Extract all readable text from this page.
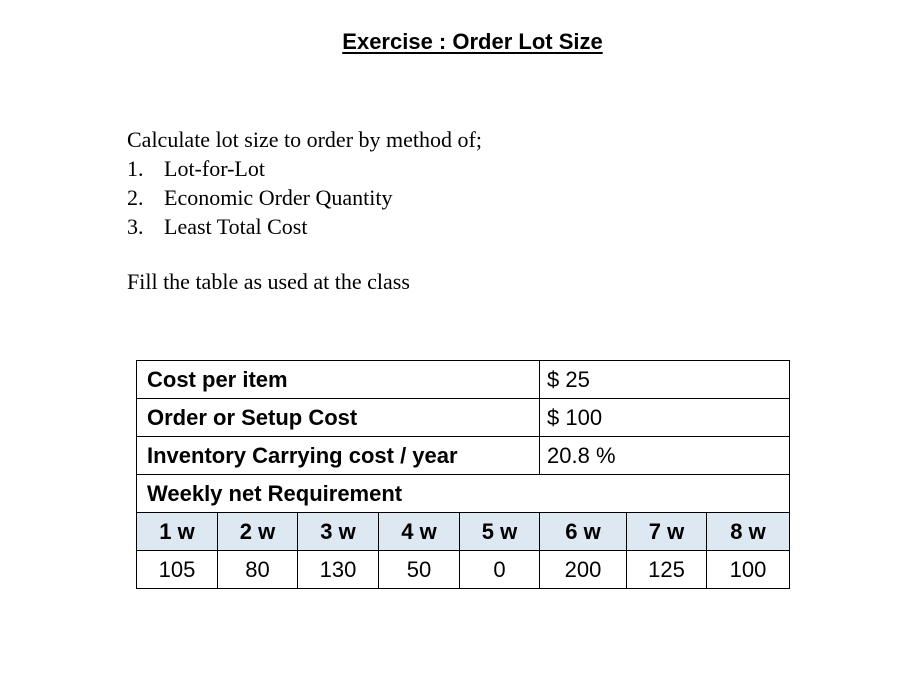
Exercise : Order Lot Size

Calculate lot size to order by method of;

1. Lot-for-Lot
2. Economic Order Quantity
3. Least Total Cost

Fill the table as used at the class

Cost per item					$ 25		
Order or Setup Cost					$ 100		
Inventory Carrying cost / year					20.8 %		
Weekly net Requirement							
1 w	2 w	3 w	4 w	5 w	6 w	7 w	8 w
105	80	130	50	0	200	125	100
